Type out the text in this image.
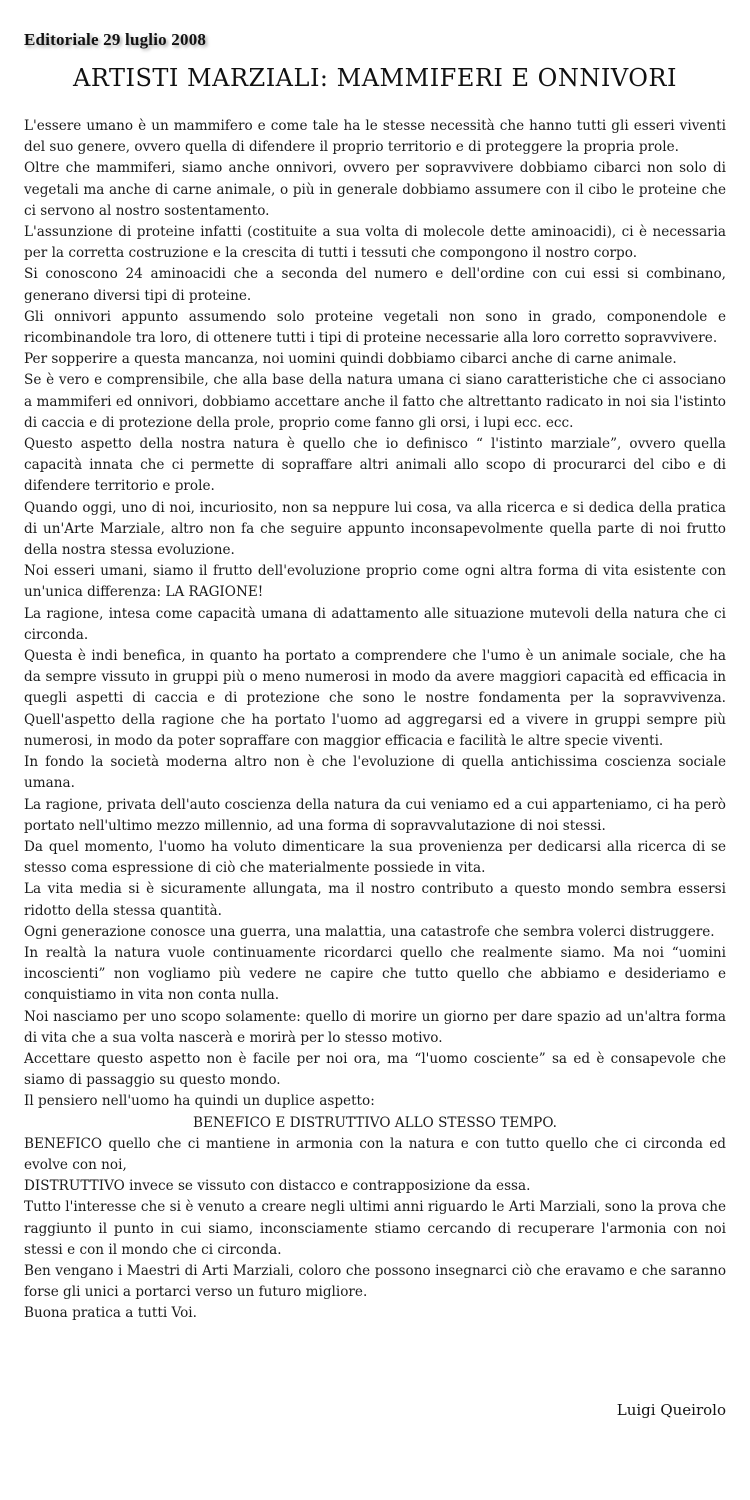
Editoriale 29 luglio 2008
ARTISTI MARZIALI: MAMMIFERI E ONNIVORI

L'essere umano è un mammifero e come tale ha le stesse necessità che hanno tutti gli esseri viventi del suo genere, ovvero quella di difendere il proprio territorio e di proteggere la propria prole.

Oltre che mammiferi, siamo anche onnivori, ovvero per sopravvivere dobbiamo cibarci non solo di vegetali ma anche di carne animale, o più in generale dobbiamo assumere con il cibo le proteine che ci servono al nostro sostentamento.

L'assunzione di proteine infatti (costituite a sua volta di molecole dette aminoacidi), ci è necessaria per la corretta costruzione e la crescita di tutti i tessuti che compongono il nostro corpo.

Si conoscono 24 aminoacidi che a seconda del numero e dell'ordine con cui essi si combinano, generano diversi tipi di proteine.

Gli onnivori appunto assumendo solo proteine vegetali non sono in grado, componendole e ricombinandole tra loro, di ottenere tutti i tipi di proteine necessarie alla loro corretto sopravvivere.

Per sopperire a questa mancanza, noi uomini quindi dobbiamo cibarci anche di carne animale.

Se è vero e comprensibile, che alla base della natura umana ci siano caratteristiche che ci associano a mammiferi ed onnivori, dobbiamo accettare anche il fatto che altrettanto radicato in noi sia l'istinto di caccia e di protezione della prole, proprio come fanno gli orsi, i lupi ecc. ecc.

Questo aspetto della nostra natura è quello che io definisco “ l'istinto marziale”, ovvero quella capacità innata che ci permette di sopraffare altri animali allo scopo di procurarci del cibo e di difendere territorio e prole.

Quando oggi, uno di noi, incuriosito, non sa neppure lui cosa, va alla ricerca e si dedica della pratica di un'Arte Marziale, altro non fa che seguire appunto inconsapevolmente quella parte di noi frutto della nostra stessa evoluzione.

Noi esseri umani, siamo il frutto dell'evoluzione proprio come ogni altra forma di vita esistente con un'unica differenza: LA RAGIONE!

La ragione, intesa come capacità umana di adattamento alle situazione mutevoli della natura che ci circonda.

Questa è indi benefica, in quanto ha portato a comprendere che l'umo è un animale sociale, che ha da sempre vissuto in gruppi più o meno numerosi in modo da avere maggiori capacità ed efficacia in quegli aspetti di caccia e di protezione che sono le nostre fondamenta per la sopravvivenza. Quell'aspetto della ragione che ha portato l'uomo ad aggregarsi ed a vivere in gruppi sempre più numerosi, in modo da poter sopraffare con maggior efficacia e facilità le altre specie viventi.

In fondo la società moderna altro non è che l'evoluzione di quella antichissima coscienza sociale umana.

La ragione, privata dell'auto coscienza della natura da cui veniamo ed a cui apparteniamo, ci ha però portato nell'ultimo mezzo millennio, ad una forma di sopravvalutazione di noi stessi.

Da quel momento, l'uomo ha voluto dimenticare la sua provenienza per dedicarsi alla ricerca di se stesso coma espressione di ciò che materialmente possiede in vita.

La vita media si è sicuramente allungata, ma il nostro contributo a questo mondo sembra essersi ridotto della stessa quantità.

Ogni generazione conosce una guerra, una malattia, una catastrofe che sembra volerci distruggere.

In realtà la natura vuole continuamente ricordarci quello che realmente siamo. Ma noi “uomini incoscienti” non vogliamo più vedere ne capire che tutto quello che abbiamo e desideriamo e conquistiamo in vita non conta nulla.

Noi nasciamo per uno scopo solamente: quello di morire un giorno per dare spazio ad un'altra forma di vita che a sua volta nascerà e morirà per lo stesso motivo.

Accettare questo aspetto non è facile per noi ora, ma “l'uomo cosciente” sa ed è consapevole che siamo di passaggio su questo mondo.

Il pensiero nell'uomo ha quindi un duplice aspetto:

BENEFICO E DISTRUTTIVO ALLO STESSO TEMPO.

BENEFICO quello che ci mantiene in armonia con la natura e con tutto quello che ci circonda ed evolve con noi,

DISTRUTTIVO invece se vissuto con distacco e contrapposizione da essa.

Tutto l'interesse che si è venuto a creare negli ultimi anni riguardo le Arti Marziali, sono la prova che raggiunto il punto in cui siamo, inconsciamente stiamo cercando di recuperare l'armonia con noi stessi e con il mondo che ci circonda.

Ben vengano i Maestri di Arti Marziali, coloro che possono insegnarci ciò che eravamo e che saranno forse gli unici a portarci verso un futuro migliore.

Buona pratica a tutti Voi.

Luigi Queirolo
